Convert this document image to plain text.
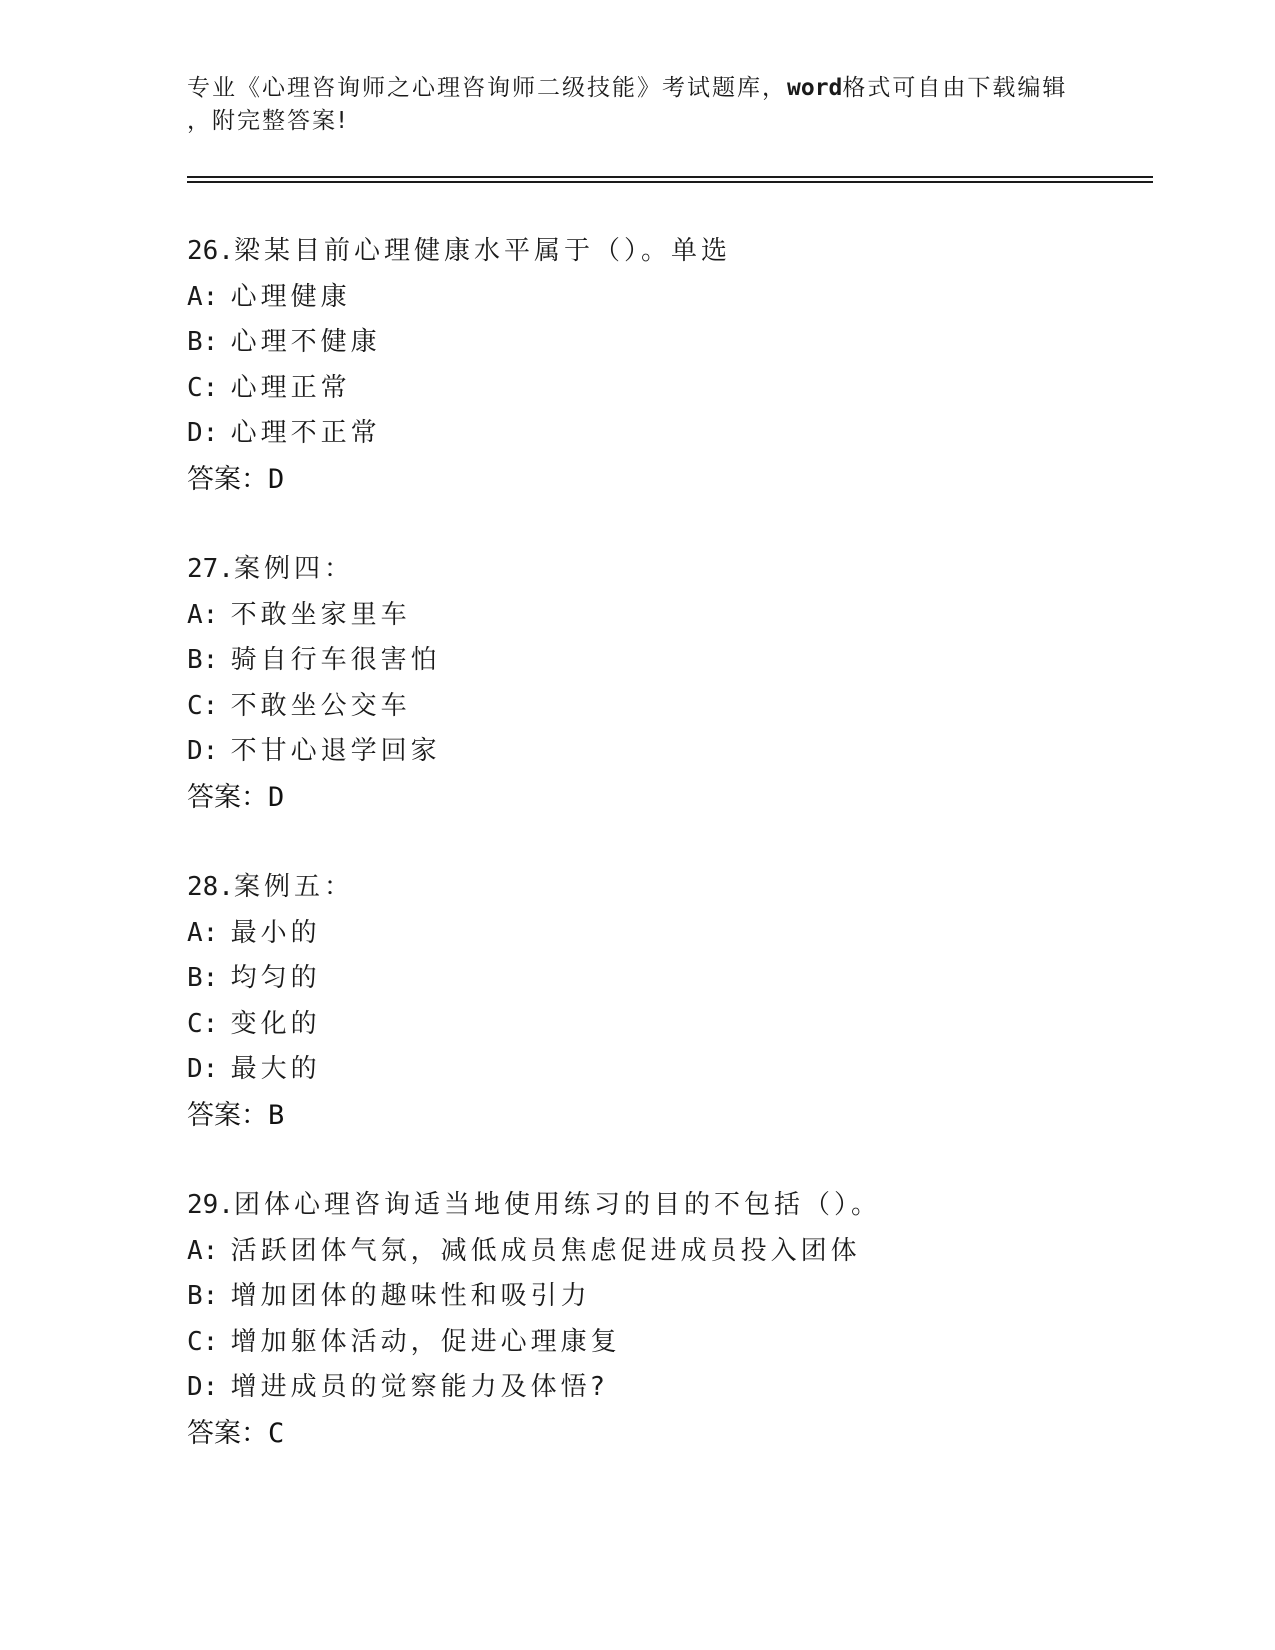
专业《心理咨询师之心理咨询师二级技能》考试题库，word格式可自由下载编辑
，附完整答案!
26.梁某目前心理健康水平属于（）。单选
A: 心理健康
B: 心理不健康
C: 心理正常
D: 心理不正常
答案：D
27.案例四：
A: 不敢坐家里车
B: 骑自行车很害怕
C: 不敢坐公交车
D: 不甘心退学回家
答案：D
28.案例五：
A: 最小的
B: 均匀的
C: 变化的
D: 最大的
答案：B
29.团体心理咨询适当地使用练习的目的不包括（）。
A: 活跃团体气氛，减低成员焦虑促进成员投入团体
B: 增加团体的趣味性和吸引力
C: 增加躯体活动，促进心理康复
D: 增进成员的觉察能力及体悟?
答案：C
